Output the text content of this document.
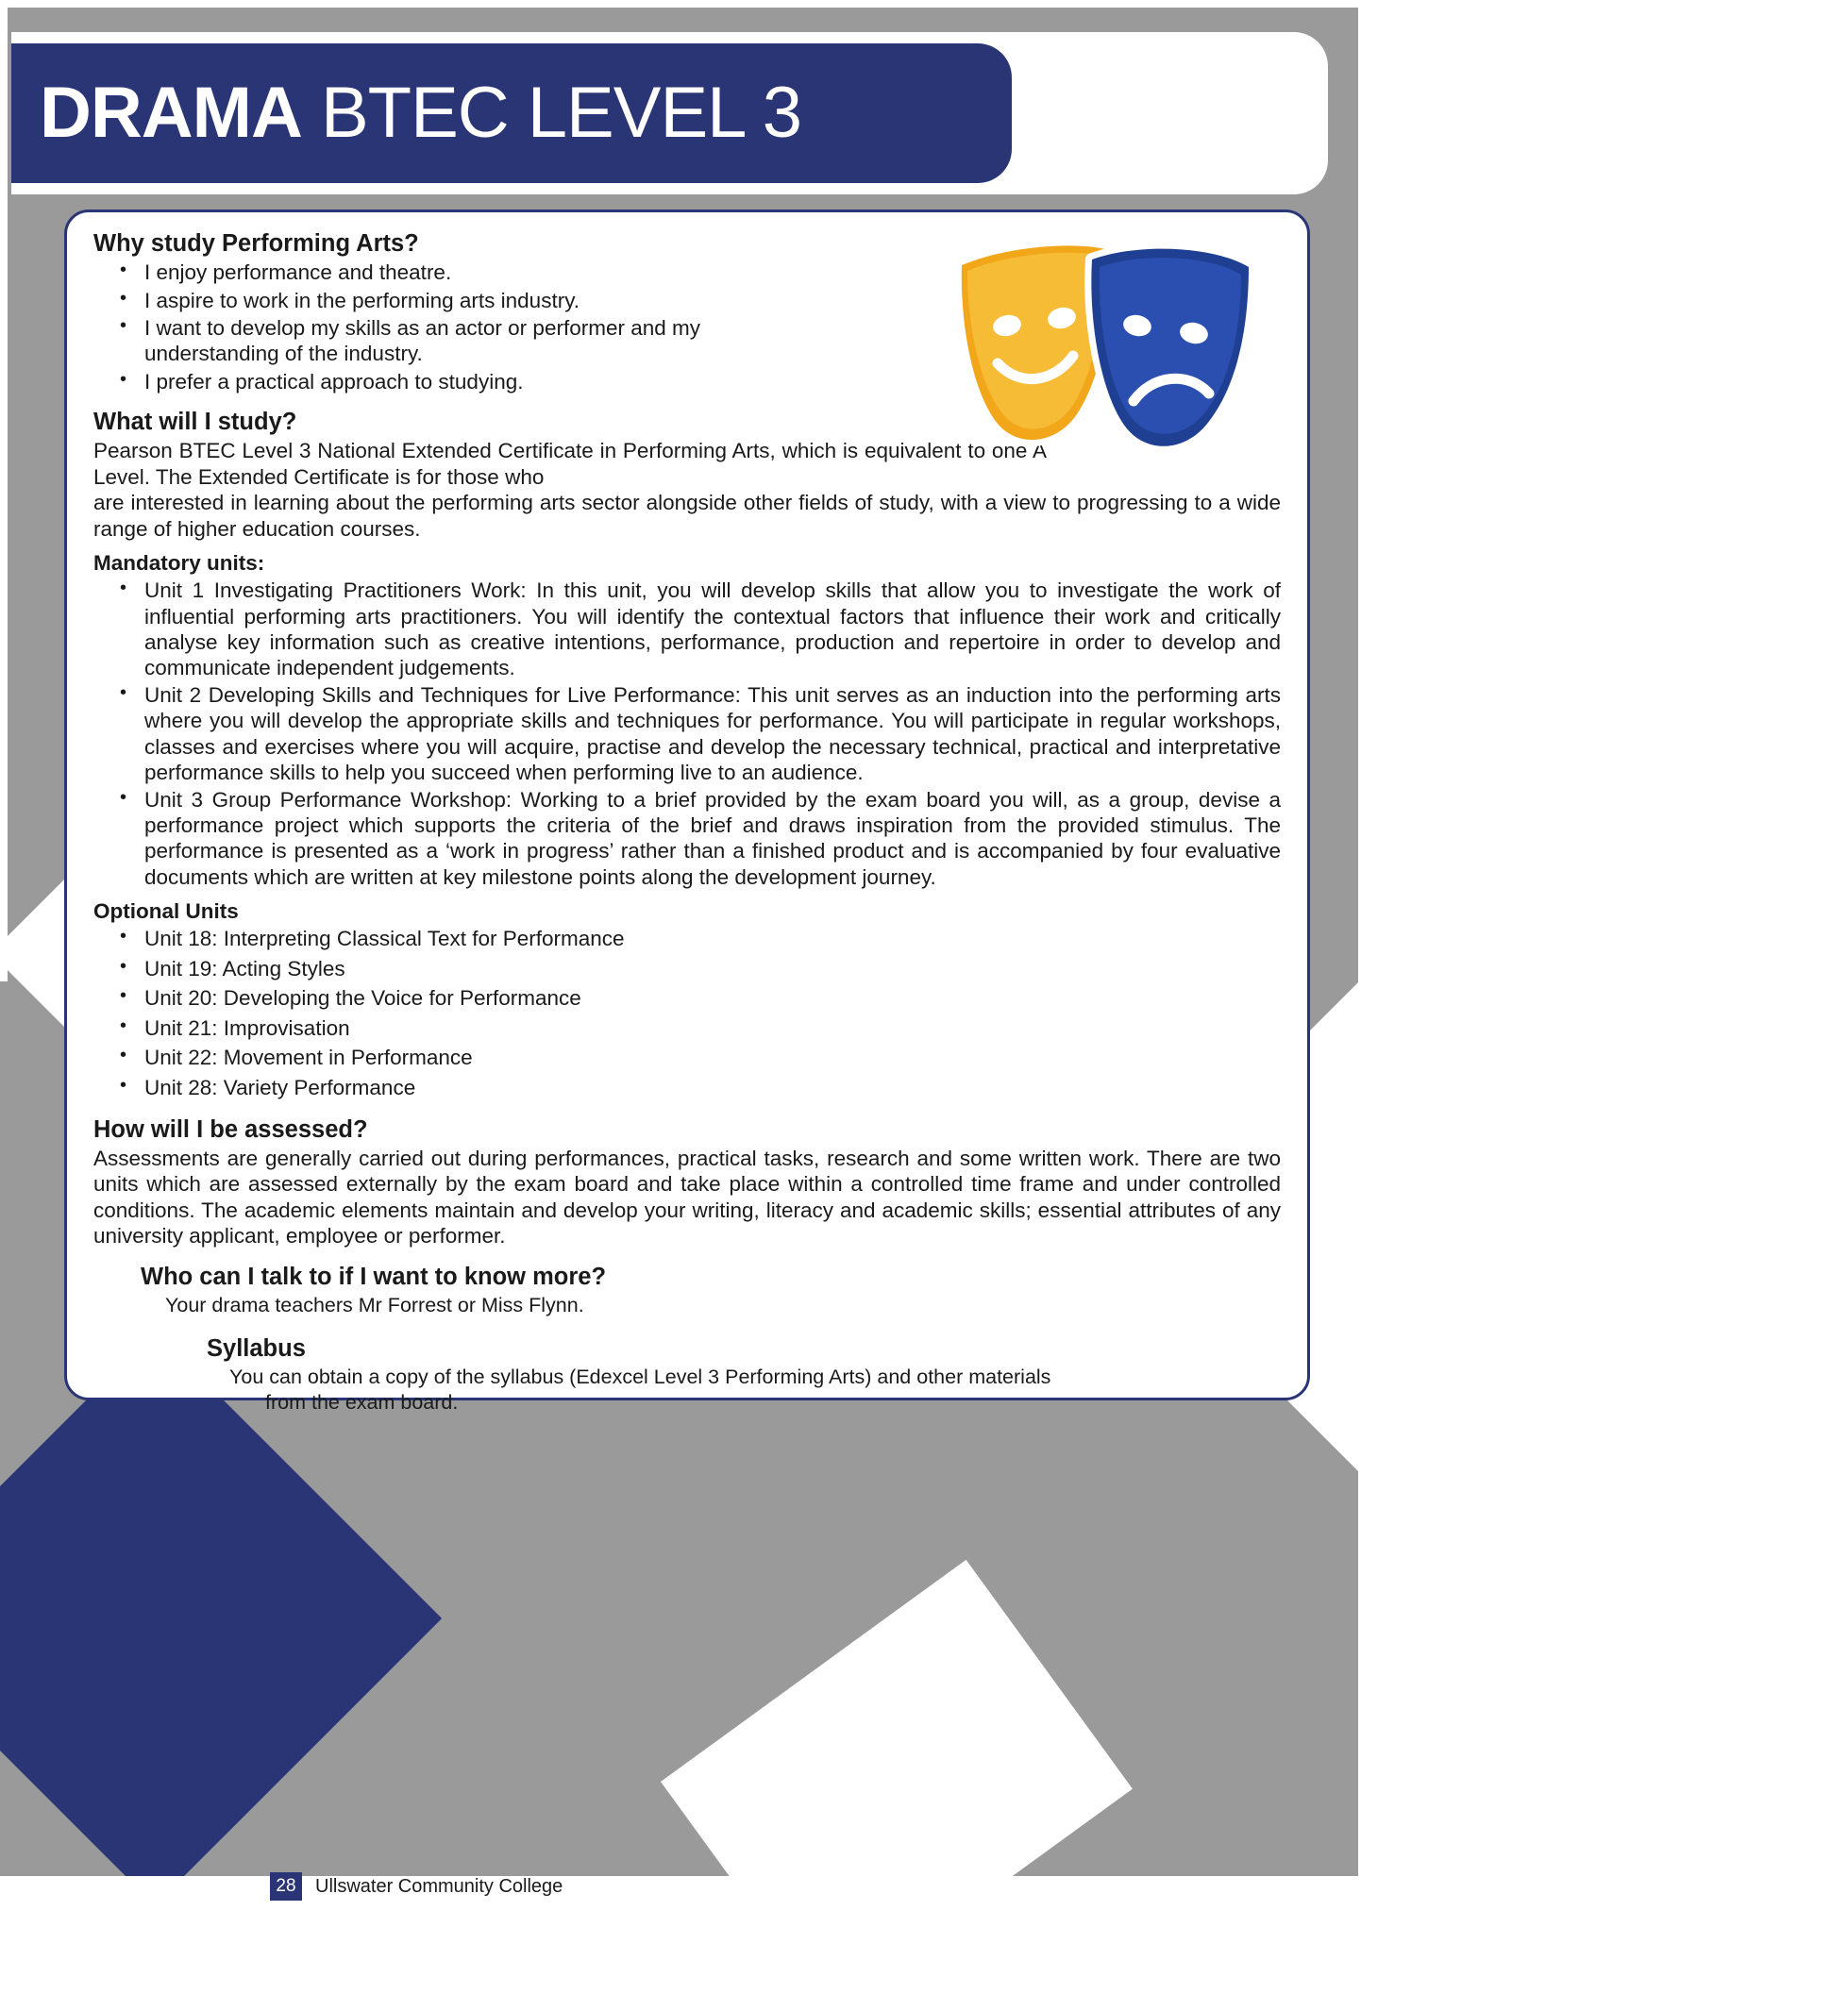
DRAMA BTEC LEVEL 3
Why study Performing Arts?
• I enjoy performance and theatre.
• I aspire to work in the performing arts industry.
• I want to develop my skills as an actor or performer and my understanding of the industry.
• I prefer a practical approach to studying.
What will I study?

Pearson BTEC Level 3 National Extended Certificate in Performing Arts, which is equivalent to one A Level. The Extended Certificate is for those who

are interested in learning about the performing arts sector alongside other fields of study, with a view to progressing to a wide range of higher education courses.

Mandatory units:
• Unit 1 Investigating Practitioners Work: In this unit, you will develop skills that allow you to investigate the work of influential performing arts practitioners. You will identify the contextual factors that influence their work and critically analyse key information such as creative intentions, performance, production and repertoire in order to develop and communicate independent judgements.
• Unit 2 Developing Skills and Techniques for Live Performance: This unit serves as an induction into the performing arts where you will develop the appropriate skills and techniques for performance. You will participate in regular workshops, classes and exercises where you will acquire, practise and develop the necessary technical, practical and interpretative performance skills to help you succeed when performing live to an audience.
• Unit 3 Group Performance Workshop: Working to a brief provided by the exam board you will, as a group, devise a performance project which supports the criteria of the brief and draws inspiration from the provided stimulus. The performance is presented as a ‘work in progress’ rather than a finished product and is accompanied by four evaluative documents which are written at key milestone points along the development journey.
Optional Units
• Unit 18: Interpreting Classical Text for Performance
• Unit 19: Acting Styles
• Unit 20: Developing the Voice for Performance
• Unit 21: Improvisation
• Unit 22: Movement in Performance
• Unit 28: Variety Performance
How will I be assessed?

Assessments are generally carried out during performances, practical tasks, research and some written work. There are two units which are assessed externally by the exam board and take place within a controlled time frame and under controlled conditions. The academic elements maintain and develop your writing, literacy and academic skills; essential attributes of any university applicant, employee or performer.

Who can I talk to if I want to know more?

Your drama teachers Mr Forrest or Miss Flynn.

Syllabus

You can obtain a copy of the syllabus (Edexcel Level 3 Performing Arts) and other materials

from the exam board.

28	Ullswater Community College
